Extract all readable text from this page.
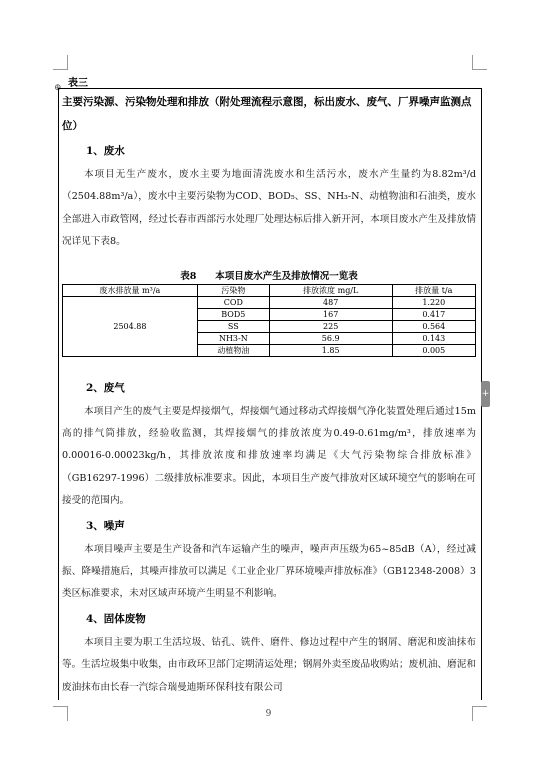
表三
⊕
主要污染源、污染物处理和排放（附处理流程示意图，标出废水、废气、厂界噪声监测点位）
1、废水

本项目无生产废水，废水主要为地面清洗废水和生活污水，废水产生量约为8.82m³/d（2504.88m³/a），废水中主要污染物为COD、BOD₅、SS、NH₃-N、动植物油和石油类，废水全部进入市政管网，经过长春市西部污水处理厂处理达标后排入新开河，本项目废水产生及排放情况详见下表8。

表8　　本项目废水产生及排放情况一览表
废水排放量 m³/a	污染物	排放浓度 mg/L	排放量 t/a
2504.88	COD	487	1.220
	BOD5	167	0.417
	SS	225	0.564
	NH3-N	56.9	0.143
	动植物油	1.85	0.005
2、废气

本项目产生的废气主要是焊接烟气，焊接烟气通过移动式焊接烟气净化装置处理后通过15m高的排气筒排放，经验收监测，其焊接烟气的排放浓度为0.49-0.61mg/m³，排放速率为0.00016-0.00023kg/h，其排放浓度和排放速率均满足《大气污染物综合排放标准》（GB16297-1996）二级排放标准要求。因此，本项目生产废气排放对区域环境空气的影响在可接受的范围内。

3、噪声

本项目噪声主要是生产设备和汽车运输产生的噪声，噪声声压级为65~85dB（A），经过减振、降噪措施后，其噪声排放可以满足《工业企业厂界环境噪声排放标准》（GB12348-2008）3类区标准要求，未对区域声环境产生明显不利影响。

4、固体废物

本项目主要为职工生活垃圾、钻孔、铣件、磨件、修边过程中产生的钢屑、磨泥和废油抹布等。生活垃圾集中收集，由市政环卫部门定期清运处理；钢屑外卖至废品收购站；废机油、磨泥和废油抹布由长春一汽综合瑞曼迪斯环保科技有限公司

9
+
